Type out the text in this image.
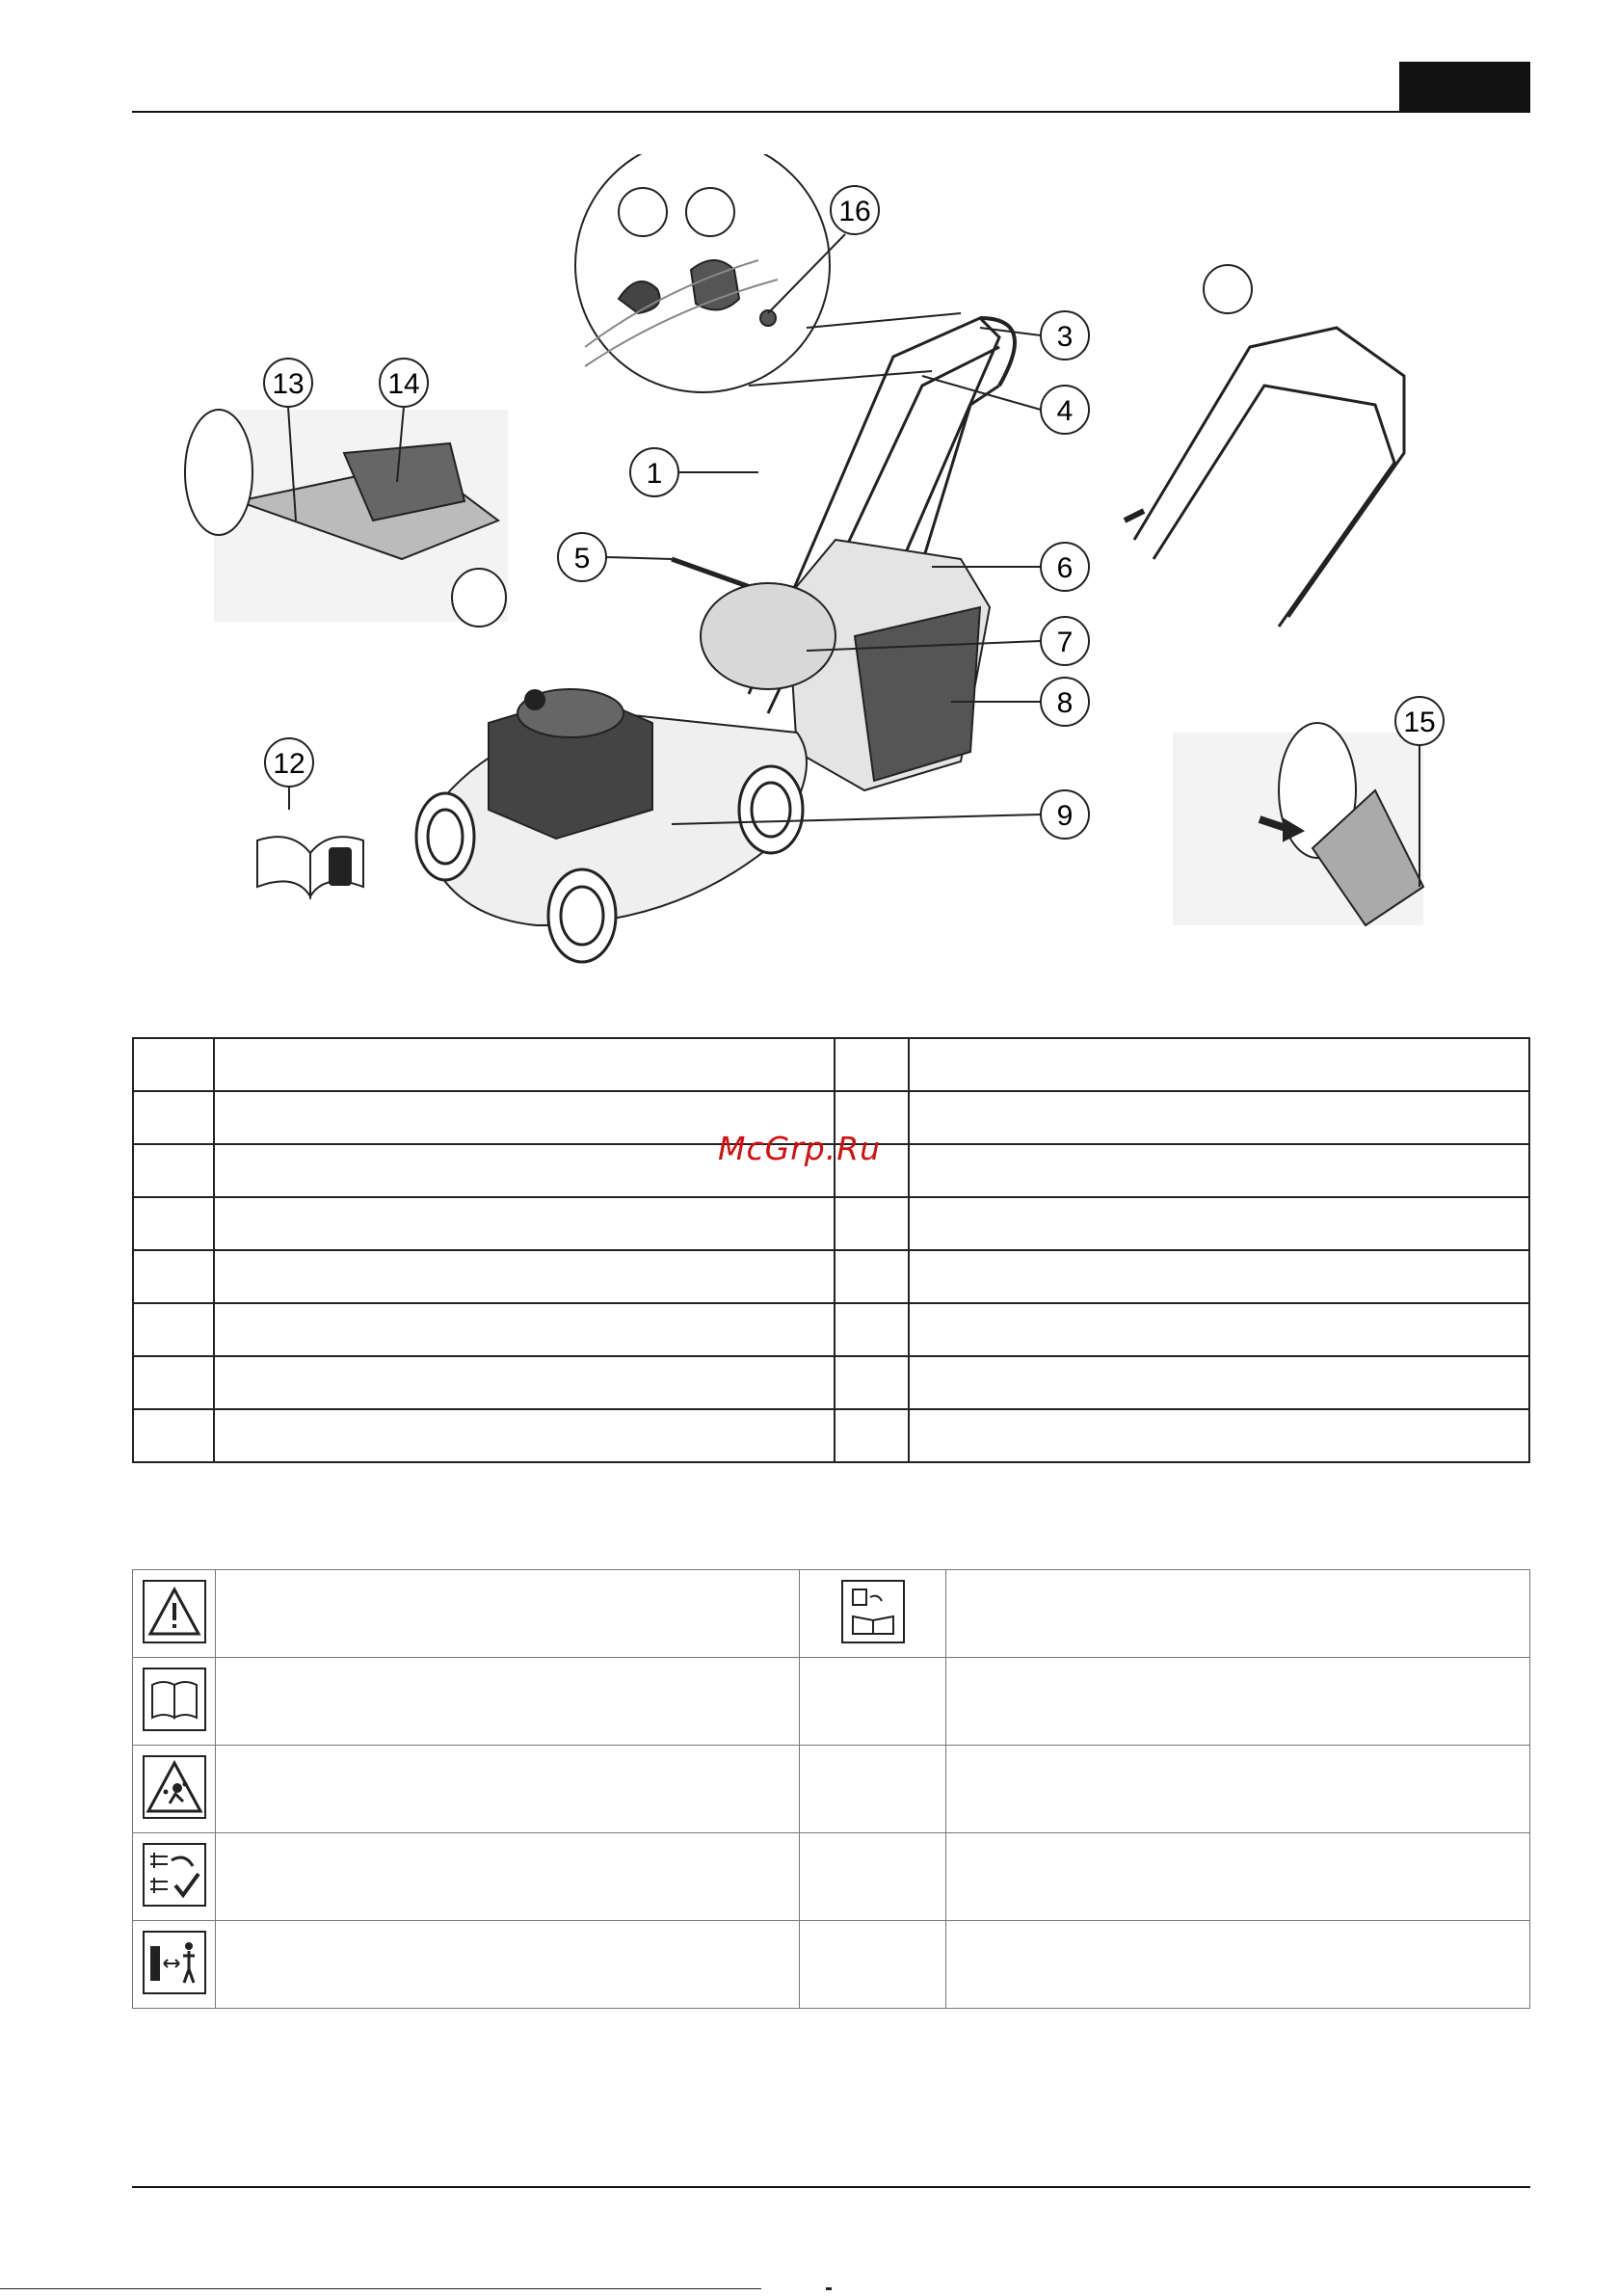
1
3
4
5	6
7
8
9
12
13	14
15
16

McGrp.Ru
